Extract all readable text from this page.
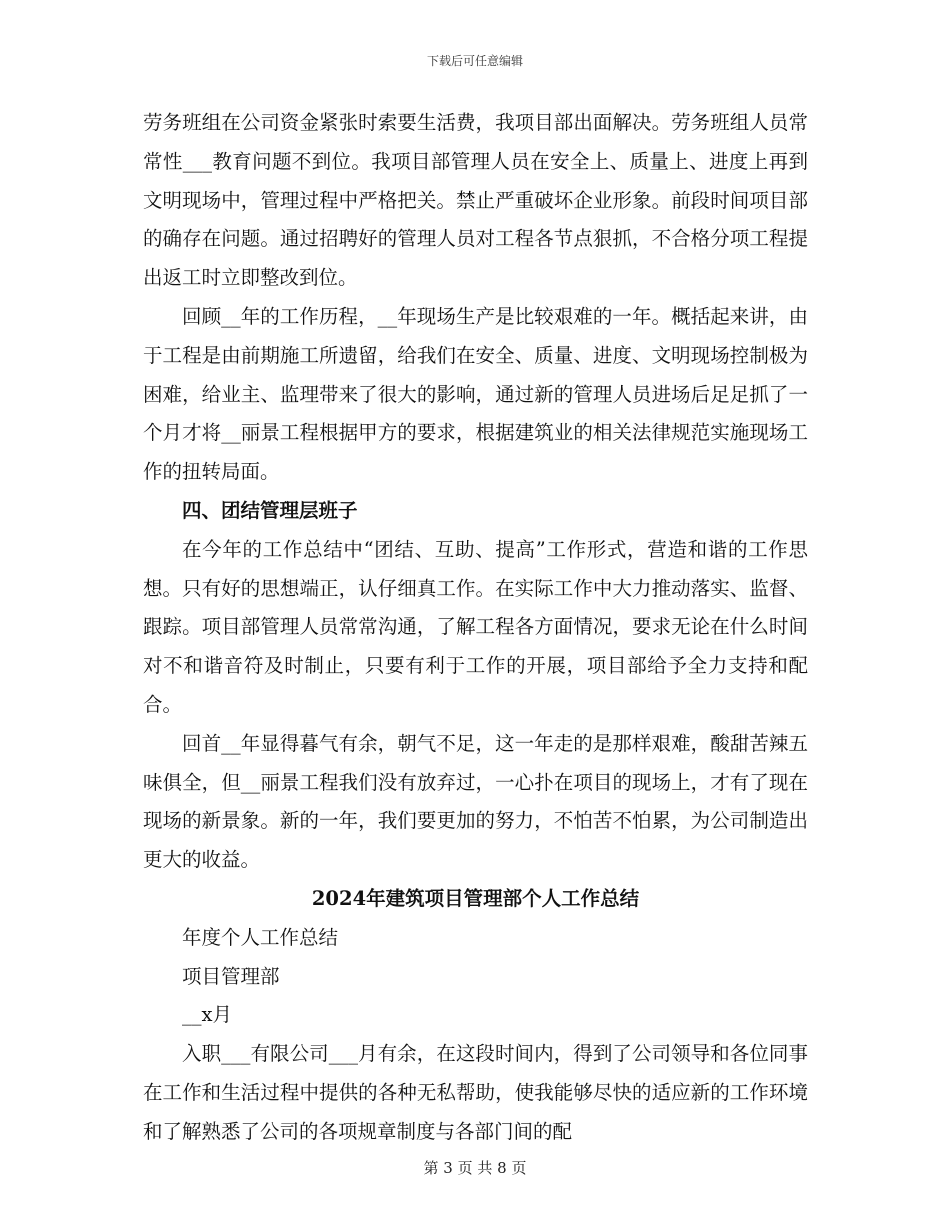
下载后可任意编辑

劳务班组在公司资金紧张时索要生活费，我项目部出面解决。劳务班组人员常常性___教育问题不到位。我项目部管理人员在安全上、质量上、进度上再到文明现场中，管理过程中严格把关。禁止严重破坏企业形象。前段时间项目部的确存在问题。通过招聘好的管理人员对工程各节点狠抓，不合格分项工程提出返工时立即整改到位。

回顾__年的工作历程，__年现场生产是比较艰难的一年。概括起来讲，由于工程是由前期施工所遗留，给我们在安全、质量、进度、文明现场控制极为困难，给业主、监理带来了很大的影响，通过新的管理人员进场后足足抓了一个月才将__丽景工程根据甲方的要求，根据建筑业的相关法律规范实施现场工作的扭转局面。

四、团结管理层班子

在今年的工作总结中“团结、互助、提高”工作形式，营造和谐的工作思想。只有好的思想端正，认仔细真工作。在实际工作中大力推动落实、监督、跟踪。项目部管理人员常常沟通，了解工程各方面情况，要求无论在什么时间对不和谐音符及时制止，只要有利于工作的开展，项目部给予全力支持和配合。

回首__年显得暮气有余，朝气不足，这一年走的是那样艰难，酸甜苦辣五味俱全，但__丽景工程我们没有放弃过，一心扑在项目的现场上，才有了现在现场的新景象。新的一年，我们要更加的努力，不怕苦不怕累，为公司制造出更大的收益。

2024年建筑项目管理部个人工作总结

年度个人工作总结

项目管理部

__x月

入职___有限公司___月有余，在这段时间内，得到了公司领导和各位同事在工作和生活过程中提供的各种无私帮助，使我能够尽快的适应新的工作环境和了解熟悉了公司的各项规章制度与各部门间的配

第 3 页 共 8 页
